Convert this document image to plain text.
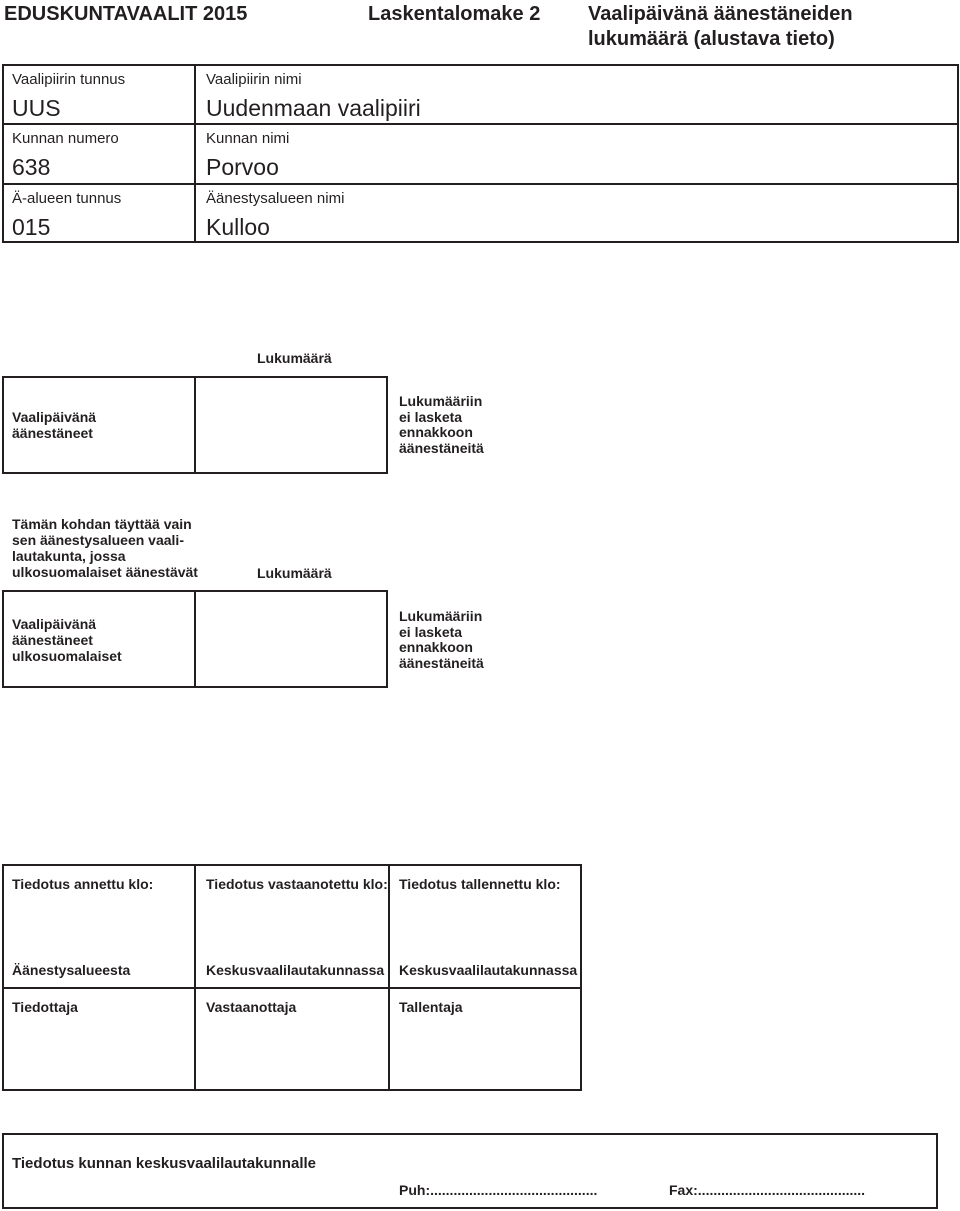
EDUSKUNTAVAALIT 2015	Laskentalomake 2 Vaalipäivänä äänestäneiden
lukumäärä (alustava tieto)
Vaalipiirin tunnus
UUS
Vaalipiirin nimi
Uudenmaan vaalipiiri
Kunnan numero
638
Kunnan nimi
Porvoo
Ä-alueen tunnus
015
Äänestysalueen nimi
Kulloo
Lukumäärä
Vaalipäivänä
äänestäneet
Lukumääriin
ei lasketa
ennakkoon
äänestäneitä
Tämän kohdan täyttää vain
sen äänestysalueen vaali-
lautakunta, jossa
ulkosuomalaiset äänestävät	Lukumäärä
Vaalipäivänä
äänestäneet
ulkosuomalaiset
Lukumääriin
ei lasketa
ennakkoon
äänestäneitä
Tiedotus annettu klo:	Tiedotus vastaanotettu klo: Tiedotus tallennettu klo:
Äänestysalueesta	Keskusvaalilautakunnassa Keskusvaalilautakunnassa
Tiedottaja	Vastaanottaja	Tallentaja
Tiedotus kunnan keskusvaalilautakunnalle
Puh:...........................................	Fax:...........................................
